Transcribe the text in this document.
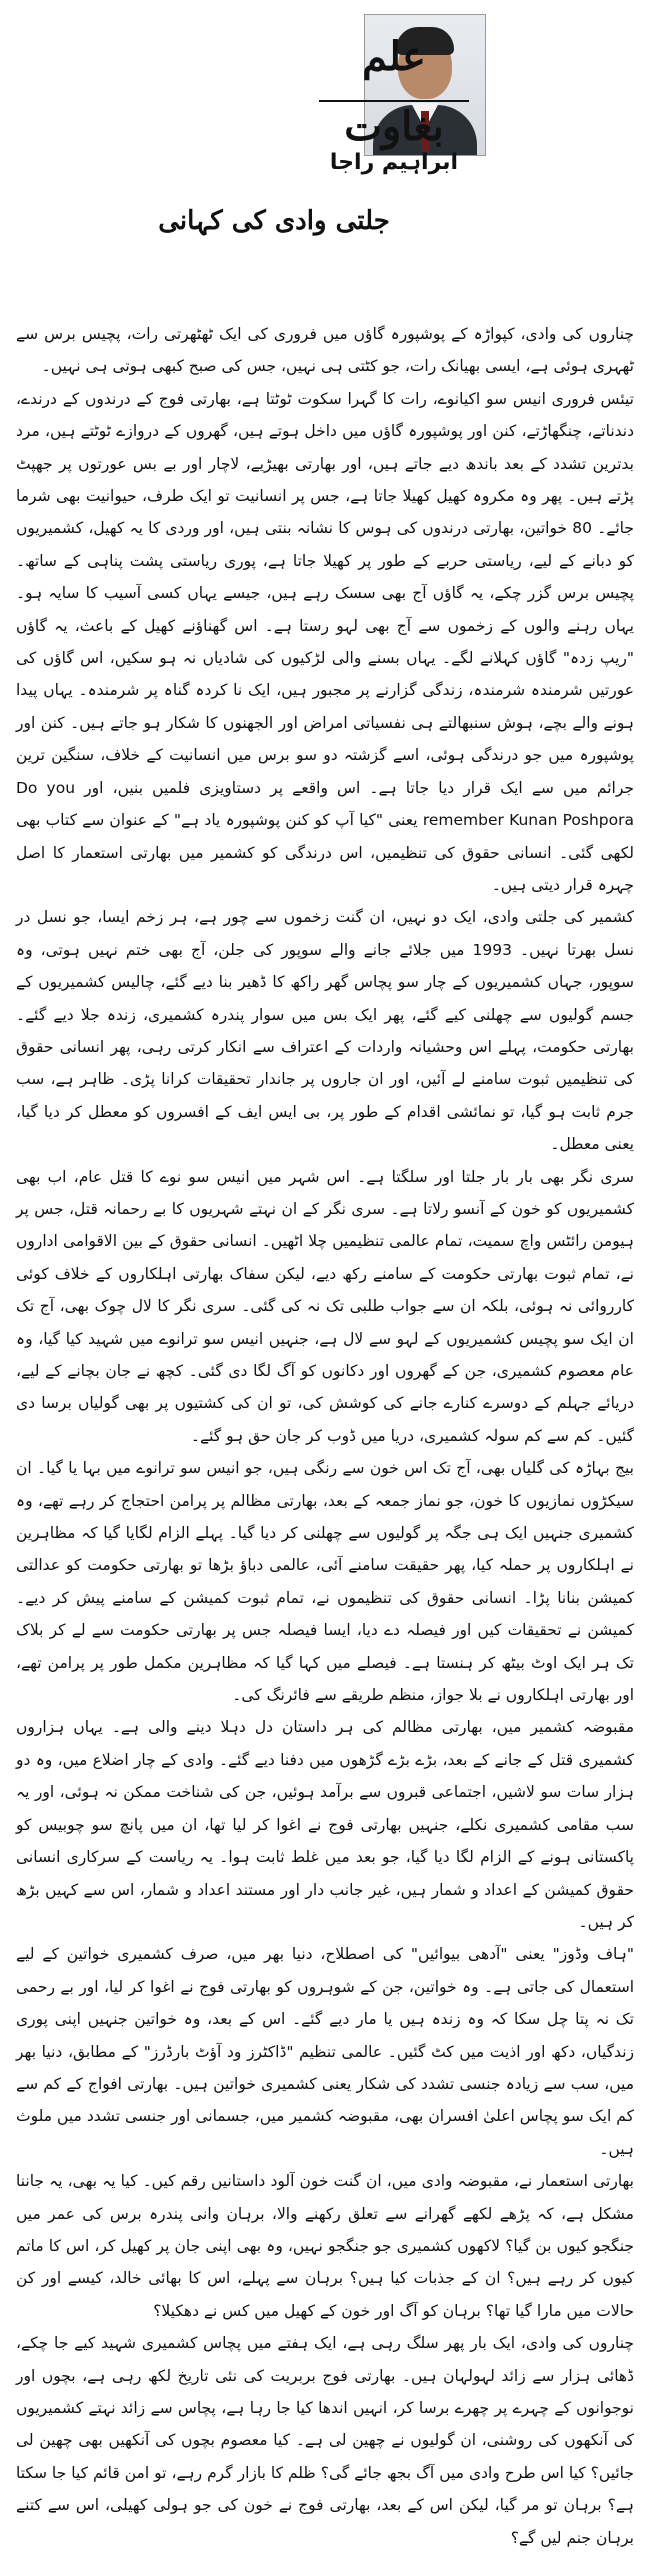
علم بغاوت
ابراہیم راجا
جلتی وادی کی کہانی

چناروں کی وادی، کپواڑہ کے پوشپورہ گاؤں میں فروری کی ایک ٹھٹھرتی رات، پچیس برس سے ٹھہری ہوئی ہے، ایسی بھیانک رات، جو کٹتی ہی نہیں، جس کی صبح کبھی ہوتی ہی نہیں۔

تیئس فروری انیس سو اکیانوے، رات کا گہرا سکوت ٹوٹتا ہے، بھارتی فوج کے درندوں کے درندے، دندناتے، چنگھاڑتے، کنن اور پوشپورہ گاؤں میں داخل ہوتے ہیں، گھروں کے دروازے ٹوٹتے ہیں، مرد بدترین تشدد کے بعد باندھ دیے جاتے ہیں، اور بھارتی بھیڑیے، لاچار اور بے بس عورتوں پر جھپٹ پڑتے ہیں۔ پھر وہ مکروہ کھیل کھیلا جاتا ہے، جس پر انسانیت تو ایک طرف، حیوانیت بھی شرما جائے۔ 80 خواتین، بھارتی درندوں کی ہوس کا نشانہ بنتی ہیں، اور وردی کا یہ کھیل، کشمیریوں کو دبانے کے لیے، ریاستی حربے کے طور پر کھیلا جاتا ہے، پوری ریاستی پشت پناہی کے ساتھ۔ پچیس برس گزر چکے، یہ گاؤں آج بھی سسک رہے ہیں، جیسے یہاں کسی آسیب کا سایہ ہو۔ یہاں رہنے والوں کے زخموں سے آج بھی لہو رستا ہے۔ اس گھناؤنے کھیل کے باعث، یہ گاؤں "ریپ زدہ" گاؤں کہلانے لگے۔ یہاں بسنے والی لڑکیوں کی شادیاں نہ ہو سکیں، اس گاؤں کی عورتیں شرمندہ شرمندہ، زندگی گزارنے پر مجبور ہیں، ایک نا کردہ گناہ پر شرمندہ۔ یہاں پیدا ہونے والے بچے، ہوش سنبھالتے ہی نفسیاتی امراض اور الجھنوں کا شکار ہو جاتے ہیں۔ کنن اور پوشپورہ میں جو درندگی ہوئی، اسے گزشتہ دو سو برس میں انسانیت کے خلاف، سنگین ترین جرائم میں سے ایک قرار دیا جاتا ہے۔ اس واقعے پر دستاویزی فلمیں بنیں، اور Do you remember Kunan Poshpora یعنی "کیا آپ کو کنن پوشپورہ یاد ہے" کے عنوان سے کتاب بھی لکھی گئی۔ انسانی حقوق کی تنظیمیں، اس درندگی کو کشمیر میں بھارتی استعمار کا اصل چہرہ قرار دیتی ہیں۔

کشمیر کی جلتی وادی، ایک دو نہیں، ان گنت زخموں سے چور ہے، ہر زخم ایسا، جو نسل در نسل بھرتا نہیں۔ 1993 میں جلائے جانے والے سوپور کی جلن، آج بھی ختم نہیں ہوتی، وہ سوپور، جہاں کشمیریوں کے چار سو پچاس گھر راکھ کا ڈھیر بنا دیے گئے، چالیس کشمیریوں کے جسم گولیوں سے چھلنی کیے گئے، پھر ایک بس میں سوار پندرہ کشمیری، زندہ جلا دیے گئے۔ بھارتی حکومت، پہلے اس وحشیانہ واردات کے اعتراف سے انکار کرتی رہی، پھر انسانی حقوق کی تنظیمیں ثبوت سامنے لے آئیں، اور ان جاروں پر جاندار تحقیقات کرانا پڑی۔ ظاہر ہے، سب جرم ثابت ہو گیا، تو نمائشی اقدام کے طور پر، بی ایس ایف کے افسروں کو معطل کر دیا گیا، یعنی معطل۔

سری نگر بھی بار بار جلتا اور سلگتا ہے۔ اس شہر میں انیس سو نوے کا قتل عام، اب بھی کشمیریوں کو خون کے آنسو رلاتا ہے۔ سری نگر کے ان نہتے شہریوں کا بے رحمانہ قتل، جس پر ہیومن رائٹس واچ سمیت، تمام عالمی تنظیمیں چلا اٹھیں۔ انسانی حقوق کے بین الاقوامی اداروں نے، تمام ثبوت بھارتی حکومت کے سامنے رکھ دیے، لیکن سفاک بھارتی اہلکاروں کے خلاف کوئی کارروائی نہ ہوئی، بلکہ ان سے جواب طلبی تک نہ کی گئی۔ سری نگر کا لال چوک بھی، آج تک ان ایک سو پچیس کشمیریوں کے لہو سے لال ہے، جنہیں انیس سو ترانوے میں شہید کیا گیا، وہ عام معصوم کشمیری، جن کے گھروں اور دکانوں کو آگ لگا دی گئی۔ کچھ نے جان بچانے کے لیے، دریائے جہلم کے دوسرے کنارے جانے کی کوشش کی، تو ان کی کشتیوں پر بھی گولیاں برسا دی گئیں۔ کم سے کم سولہ کشمیری، دریا میں ڈوب کر جان حق ہو گئے۔

بیج بہاڑہ کی گلیاں بھی، آج تک اس خون سے رنگی ہیں، جو انیس سو ترانوے میں بہا یا گیا۔ ان سیکڑوں نمازیوں کا خون، جو نماز جمعہ کے بعد، بھارتی مظالم پر پرامن احتجاج کر رہے تھے، وہ کشمیری جنہیں ایک ہی جگہ پر گولیوں سے چھلنی کر دیا گیا۔ پہلے الزام لگایا گیا کہ مظاہرین نے اہلکاروں پر حملہ کیا، پھر حقیقت سامنے آئی، عالمی دباؤ بڑھا تو بھارتی حکومت کو عدالتی کمیشن بنانا پڑا۔ انسانی حقوق کی تنظیموں نے، تمام ثبوت کمیشن کے سامنے پیش کر دیے۔ کمیشن نے تحقیقات کیں اور فیصلہ دے دیا، ایسا فیصلہ جس پر بھارتی حکومت سے لے کر بلاک تک ہر ایک اوٹ بیٹھ کر ہنستا ہے۔ فیصلے میں کہا گیا کہ مظاہرین مکمل طور پر پرامن تھے، اور بھارتی اہلکاروں نے بلا جواز، منظم طریقے سے فائرنگ کی۔

مقبوضہ کشمیر میں، بھارتی مظالم کی ہر داستان دل دہلا دینے والی ہے۔ یہاں ہزاروں کشمیری قتل کے جانے کے بعد، بڑے بڑے گڑھوں میں دفنا دیے گئے۔ وادی کے چار اضلاع میں، وہ دو ہزار سات سو لاشیں، اجتماعی قبروں سے برآمد ہوئیں، جن کی شناخت ممکن نہ ہوئی، اور یہ سب مقامی کشمیری نکلے، جنہیں بھارتی فوج نے اغوا کر لیا تھا، ان میں پانچ سو چوبیس کو پاکستانی ہونے کے الزام لگا دیا گیا، جو بعد میں غلط ثابت ہوا۔ یہ ریاست کے سرکاری انسانی حقوق کمیشن کے اعداد و شمار ہیں، غیر جانب دار اور مستند اعداد و شمار، اس سے کہیں بڑھ کر ہیں۔

"ہاف وڈوز" یعنی "آدھی بیوائیں" کی اصطلاح، دنیا بھر میں، صرف کشمیری خواتین کے لیے استعمال کی جاتی ہے۔ وہ خواتین، جن کے شوہروں کو بھارتی فوج نے اغوا کر لیا، اور بے رحمی تک نہ پتا چل سکا کہ وہ زندہ ہیں یا مار دیے گئے۔ اس کے بعد، وہ خواتین جنہیں اپنی پوری زندگیاں، دکھ اور اذیت میں کٹ گئیں۔ عالمی تنظیم "ڈاکٹرز ود آؤٹ بارڈرز" کے مطابق، دنیا بھر میں، سب سے زیادہ جنسی تشدد کی شکار یعنی کشمیری خواتین ہیں۔ بھارتی افواج کے کم سے کم ایک سو پچاس اعلیٰ افسران بھی، مقبوضہ کشمیر میں، جسمانی اور جنسی تشدد میں ملوث ہیں۔

بھارتی استعمار نے، مقبوضہ وادی میں، ان گنت خون آلود داستانیں رقم کیں۔ کیا یہ بھی، یہ جاننا مشکل ہے، کہ پڑھے لکھے گھرانے سے تعلق رکھنے والا، برہان وانی پندرہ برس کی عمر میں جنگجو کیوں بن گیا؟ لاکھوں کشمیری جو جنگجو نہیں، وہ بھی اپنی جان پر کھیل کر، اس کا ماتم کیوں کر رہے ہیں؟ ان کے جذبات کیا ہیں؟ برہان سے پہلے، اس کا بھائی خالد، کیسے اور کن حالات میں مارا گیا تھا؟ برہان کو آگ اور خون کے کھیل میں کس نے دھکیلا؟

چناروں کی وادی، ایک بار پھر سلگ رہی ہے، ایک ہفتے میں پچاس کشمیری شہید کیے جا چکے، ڈھائی ہزار سے زائد لہولہان ہیں۔ بھارتی فوج بربریت کی نئی تاریخ لکھ رہی ہے، بچوں اور نوجوانوں کے چہرے پر چھرے برسا کر، انہیں اندھا کیا جا رہا ہے، پچاس سے زائد نہتے کشمیریوں کی آنکھوں کی روشنی، ان گولیوں نے چھین لی ہے۔ کیا معصوم بچوں کی آنکھیں بھی چھین لی جائیں؟ کیا اس طرح وادی میں آگ بجھ جائے گی؟ ظلم کا بازار گرم رہے، تو امن قائم کیا جا سکتا ہے؟ برہان تو مر گیا، لیکن اس کے بعد، بھارتی فوج نے خون کی جو ہولی کھیلی، اس سے کتنے برہان جنم لیں گے؟
